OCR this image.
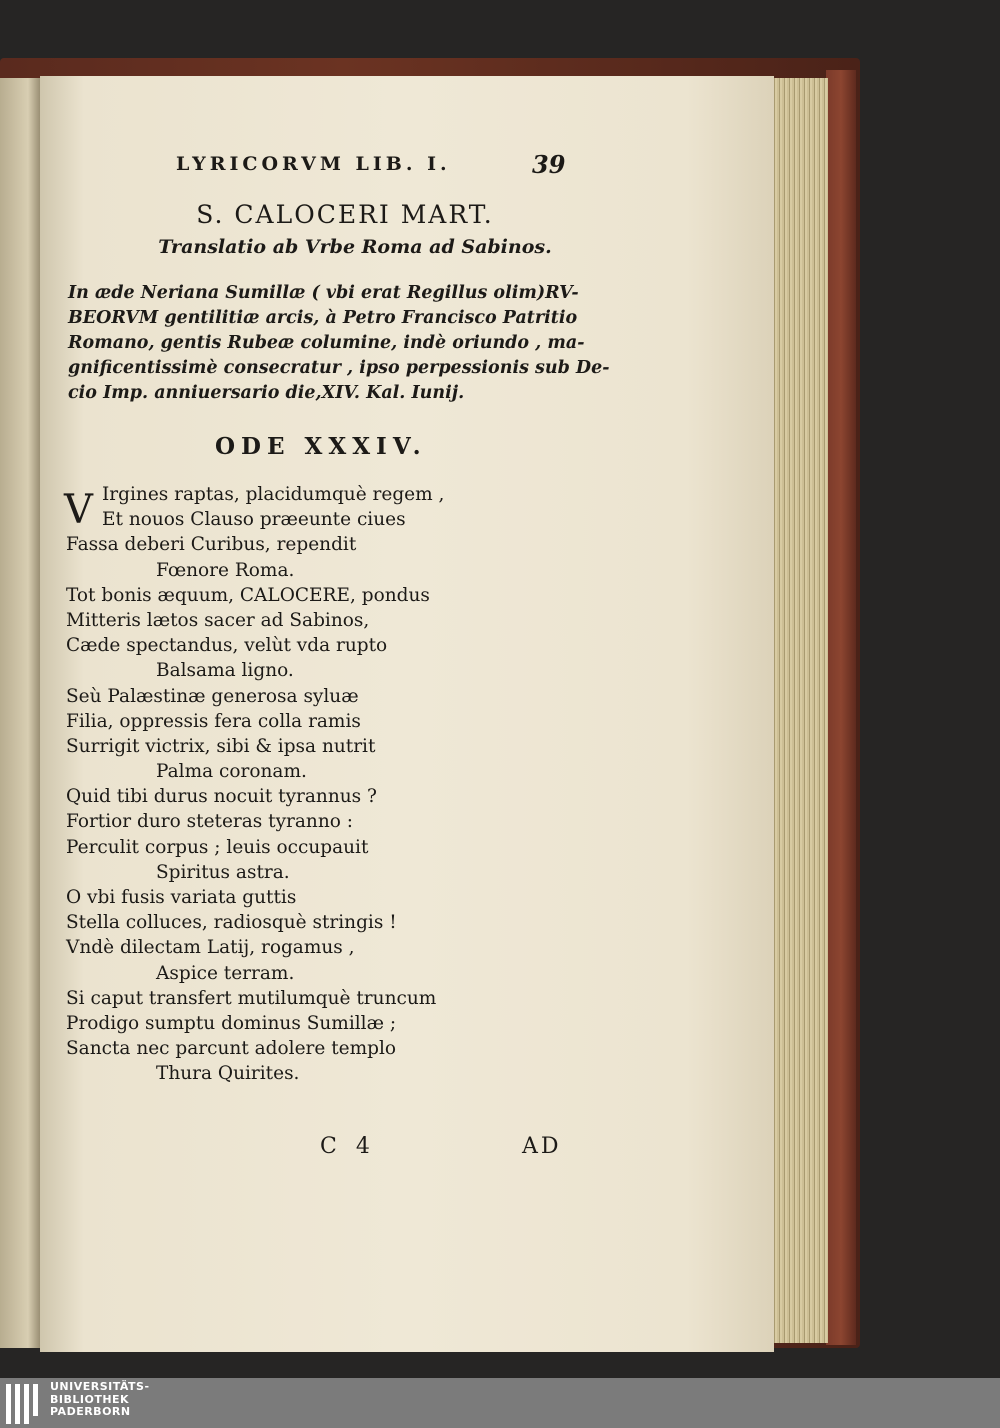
LYRICORVM LIB. I.	39
S. CALOCERI MART.
Translatio ab Vrbe Roma ad Sabinos.
In æde Neriana Sumillæ ( vbi erat Regillus olim)RV-
BEORVM gentilitiæ arcis, à Petro Francisco Patritio
Romano, gentis Rubeæ columine, indè oriundo , ma-
gnificentissimè consecratur , ipso perpessionis sub De-
cio Imp. anniuersario die,XIV. Kal. Iunij.
ODE XXXIV.
V Irgines raptas, placidumquè regem ,
Et nouos Clauso præeunte ciues
Fassa deberi Curibus, rependit
Fœnore Roma.
Tot bonis æquum, CALOCERE, pondus
Mitteris lætos sacer ad Sabinos,
Cæde spectandus, velùt vda rupto
Balsama ligno.
Seù Palæstinæ generosa syluæ
Filia, oppressis fera colla ramis
Surrigit victrix, sibi & ipsa nutrit
Palma coronam.
Quid tibi durus nocuit tyrannus ?
Fortior duro steteras tyranno :
Perculit corpus ; leuis occupauit
Spiritus astra.
O vbi fusis variata guttis
Stella colluces, radiosquè stringis !
Vndè dilectam Latij, rogamus ,
Aspice terram.
Si caput transfert mutilumquè truncum
Prodigo sumptu dominus Sumillæ ;
Sancta nec parcunt adolere templo
Thura Quirites.
C 4	AD
UNIVERSITÄTS-
BIBLIOTHEK
PADERBORN
